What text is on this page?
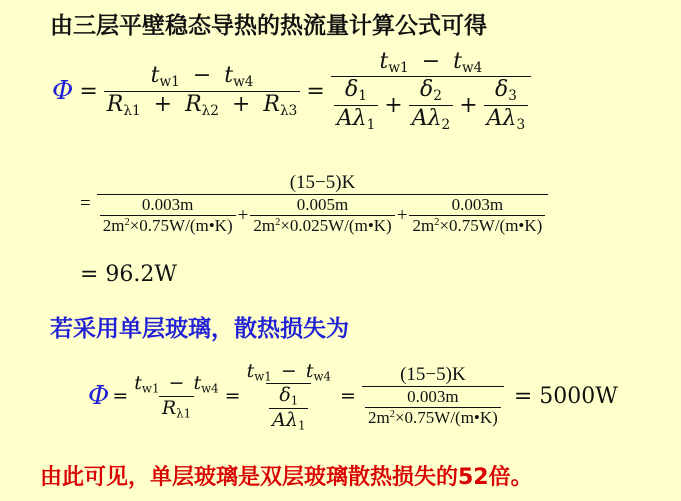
由三层平壁稳态导热的热流量计算公式可得
$\Phi = \frac{t_{w1} - t_{w4}}{R_{\lambda 1} + R_{\lambda 2} + R_{\lambda 3}}$ =
$t_{w1} - t_{w4}$
$\frac{\delta_1}{A\lambda_1} + \frac{\delta_2}{A\lambda_2} + \frac{\delta_3}{A\lambda_3}$
=
(15−5)K
$\frac{0.003m}{2m^2\times 0.75W/(m•K)} + \frac{0.005m}{2m^2\times 0.025W/(m•K)} + \frac{0.003m}{2m^2\times 0.75W/(m•K)}$
= 96.2W
若采用单层玻璃，散热损失为
$\Phi = \frac{t_{w1} - t_{w4}}{R_{\lambda 1}} = \frac{t_{w1} - t_{w4}}{\frac{\delta_1}{A\lambda_1}} = \frac{(15-5)K}{\frac{0.003m}{2m^2\times 0.75W/(m•K)}} = 5000W$
由此可见，单层玻璃是双层玻璃散热损失的52倍。
